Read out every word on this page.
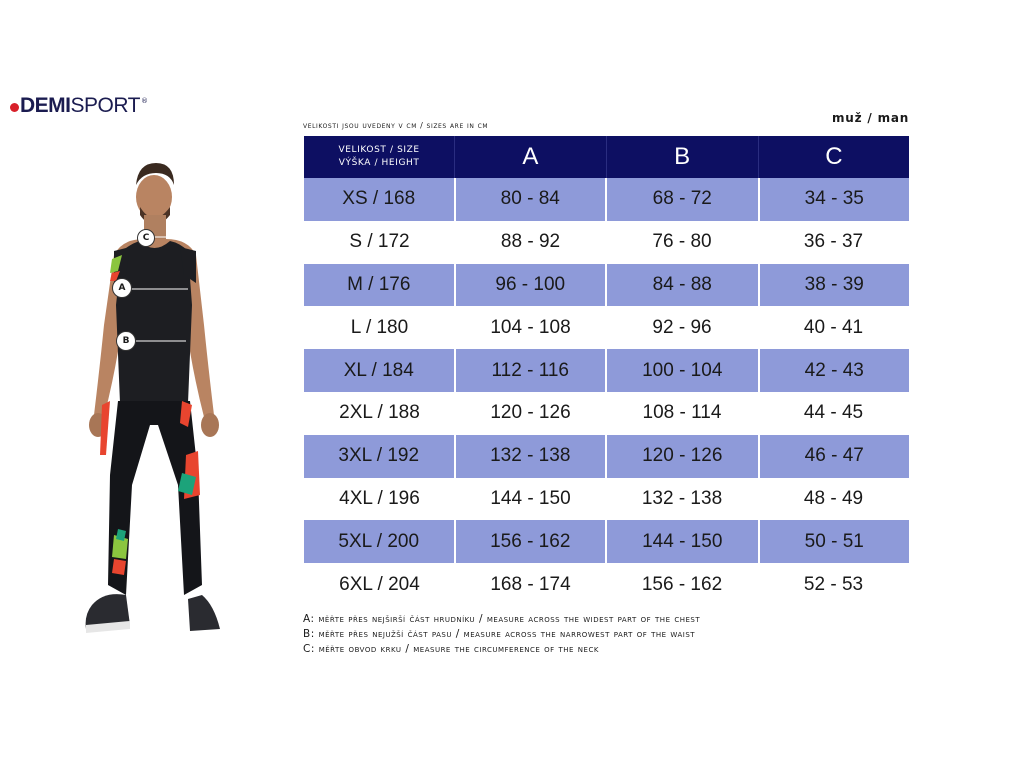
DEMI SPORT ®
C
A
B
velikosti jsou uvedeny v cm / sizes are in cm
muž / man
VELIKOST / SIZE
VÝŠKA / HEIGHT	A	B	C
XS / 168	80 - 84	68 - 72	34 - 35
S / 172	88 - 92	76 - 80	36 - 37
M / 176	96 - 100	84 - 88	38 - 39
L / 180	104 - 108	92 - 96	40 - 41
XL / 184	112 - 116	100 - 104	42 - 43
2XL / 188	120 - 126	108 - 114	44 - 45
3XL / 192	132 - 138	120 - 126	46 - 47
4XL / 196	144 - 150	132 - 138	48 - 49
5XL / 200	156 - 162	144 - 150	50 - 51
6XL / 204	168 - 174	156 - 162	52 - 53
A: měřte přes nejširší část hrudníku / measure across the widest part of the chest
B: měřte přes nejužší část pasu / measure across the narrowest part of the waist
C: měřte obvod krku / measure the circumference of the neck
